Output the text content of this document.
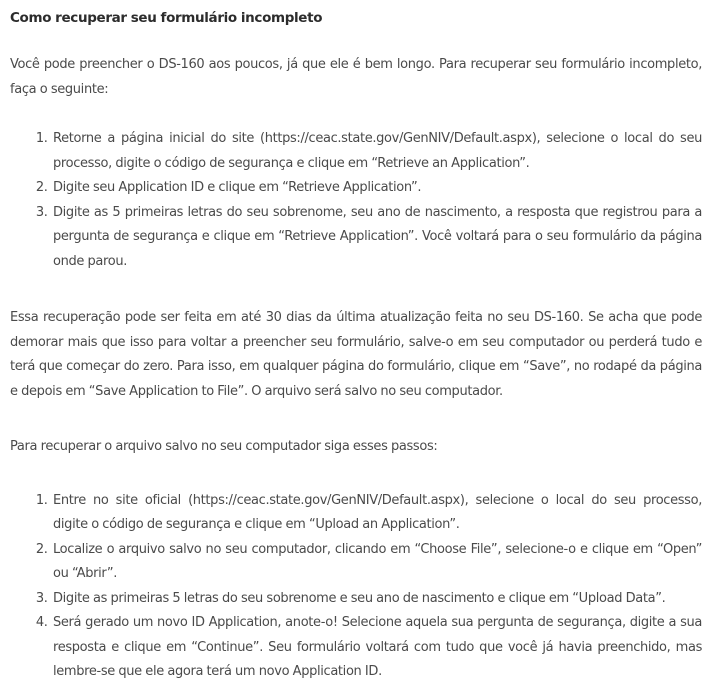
Como recuperar seu formulário incompleto

Você pode preencher o DS-160 aos poucos, já que ele é bem longo. Para recuperar seu formulário incompleto, faça o seguinte:

1. Retorne a página inicial do site (https://ceac.state.gov/GenNIV/Default.aspx), selecione o local do seu processo, digite o código de segurança e clique em “Retrieve an Application”.
2. Digite seu Application ID e clique em “Retrieve Application”.
3. Digite as 5 primeiras letras do seu sobrenome, seu ano de nascimento, a resposta que registrou para a pergunta de segurança e clique em “Retrieve Application”. Você voltará para o seu formulário da página onde parou.

Essa recuperação pode ser feita em até 30 dias da última atualização feita no seu DS-160. Se acha que pode demorar mais que isso para voltar a preencher seu formulário, salve-o em seu computador ou perderá tudo e terá que começar do zero. Para isso, em qualquer página do formulário, clique em “Save”, no rodapé da página e depois em “Save Application to File”. O arquivo será salvo no seu computador.

Para recuperar o arquivo salvo no seu computador siga esses passos:

1. Entre no site oficial (https://ceac.state.gov/GenNIV/Default.aspx), selecione o local do seu processo, digite o código de segurança e clique em “Upload an Application”.
2. Localize o arquivo salvo no seu computador, clicando em “Choose File”, selecione-o e clique em “Open” ou “Abrir”.
3. Digite as primeiras 5 letras do seu sobrenome e seu ano de nascimento e clique em “Upload Data”.
4. Será gerado um novo ID Application, anote-o! Selecione aquela sua pergunta de segurança, digite a sua resposta e clique em “Continue”. Seu formulário voltará com tudo que você já havia preenchido, mas lembre-se que ele agora terá um novo Application ID.
